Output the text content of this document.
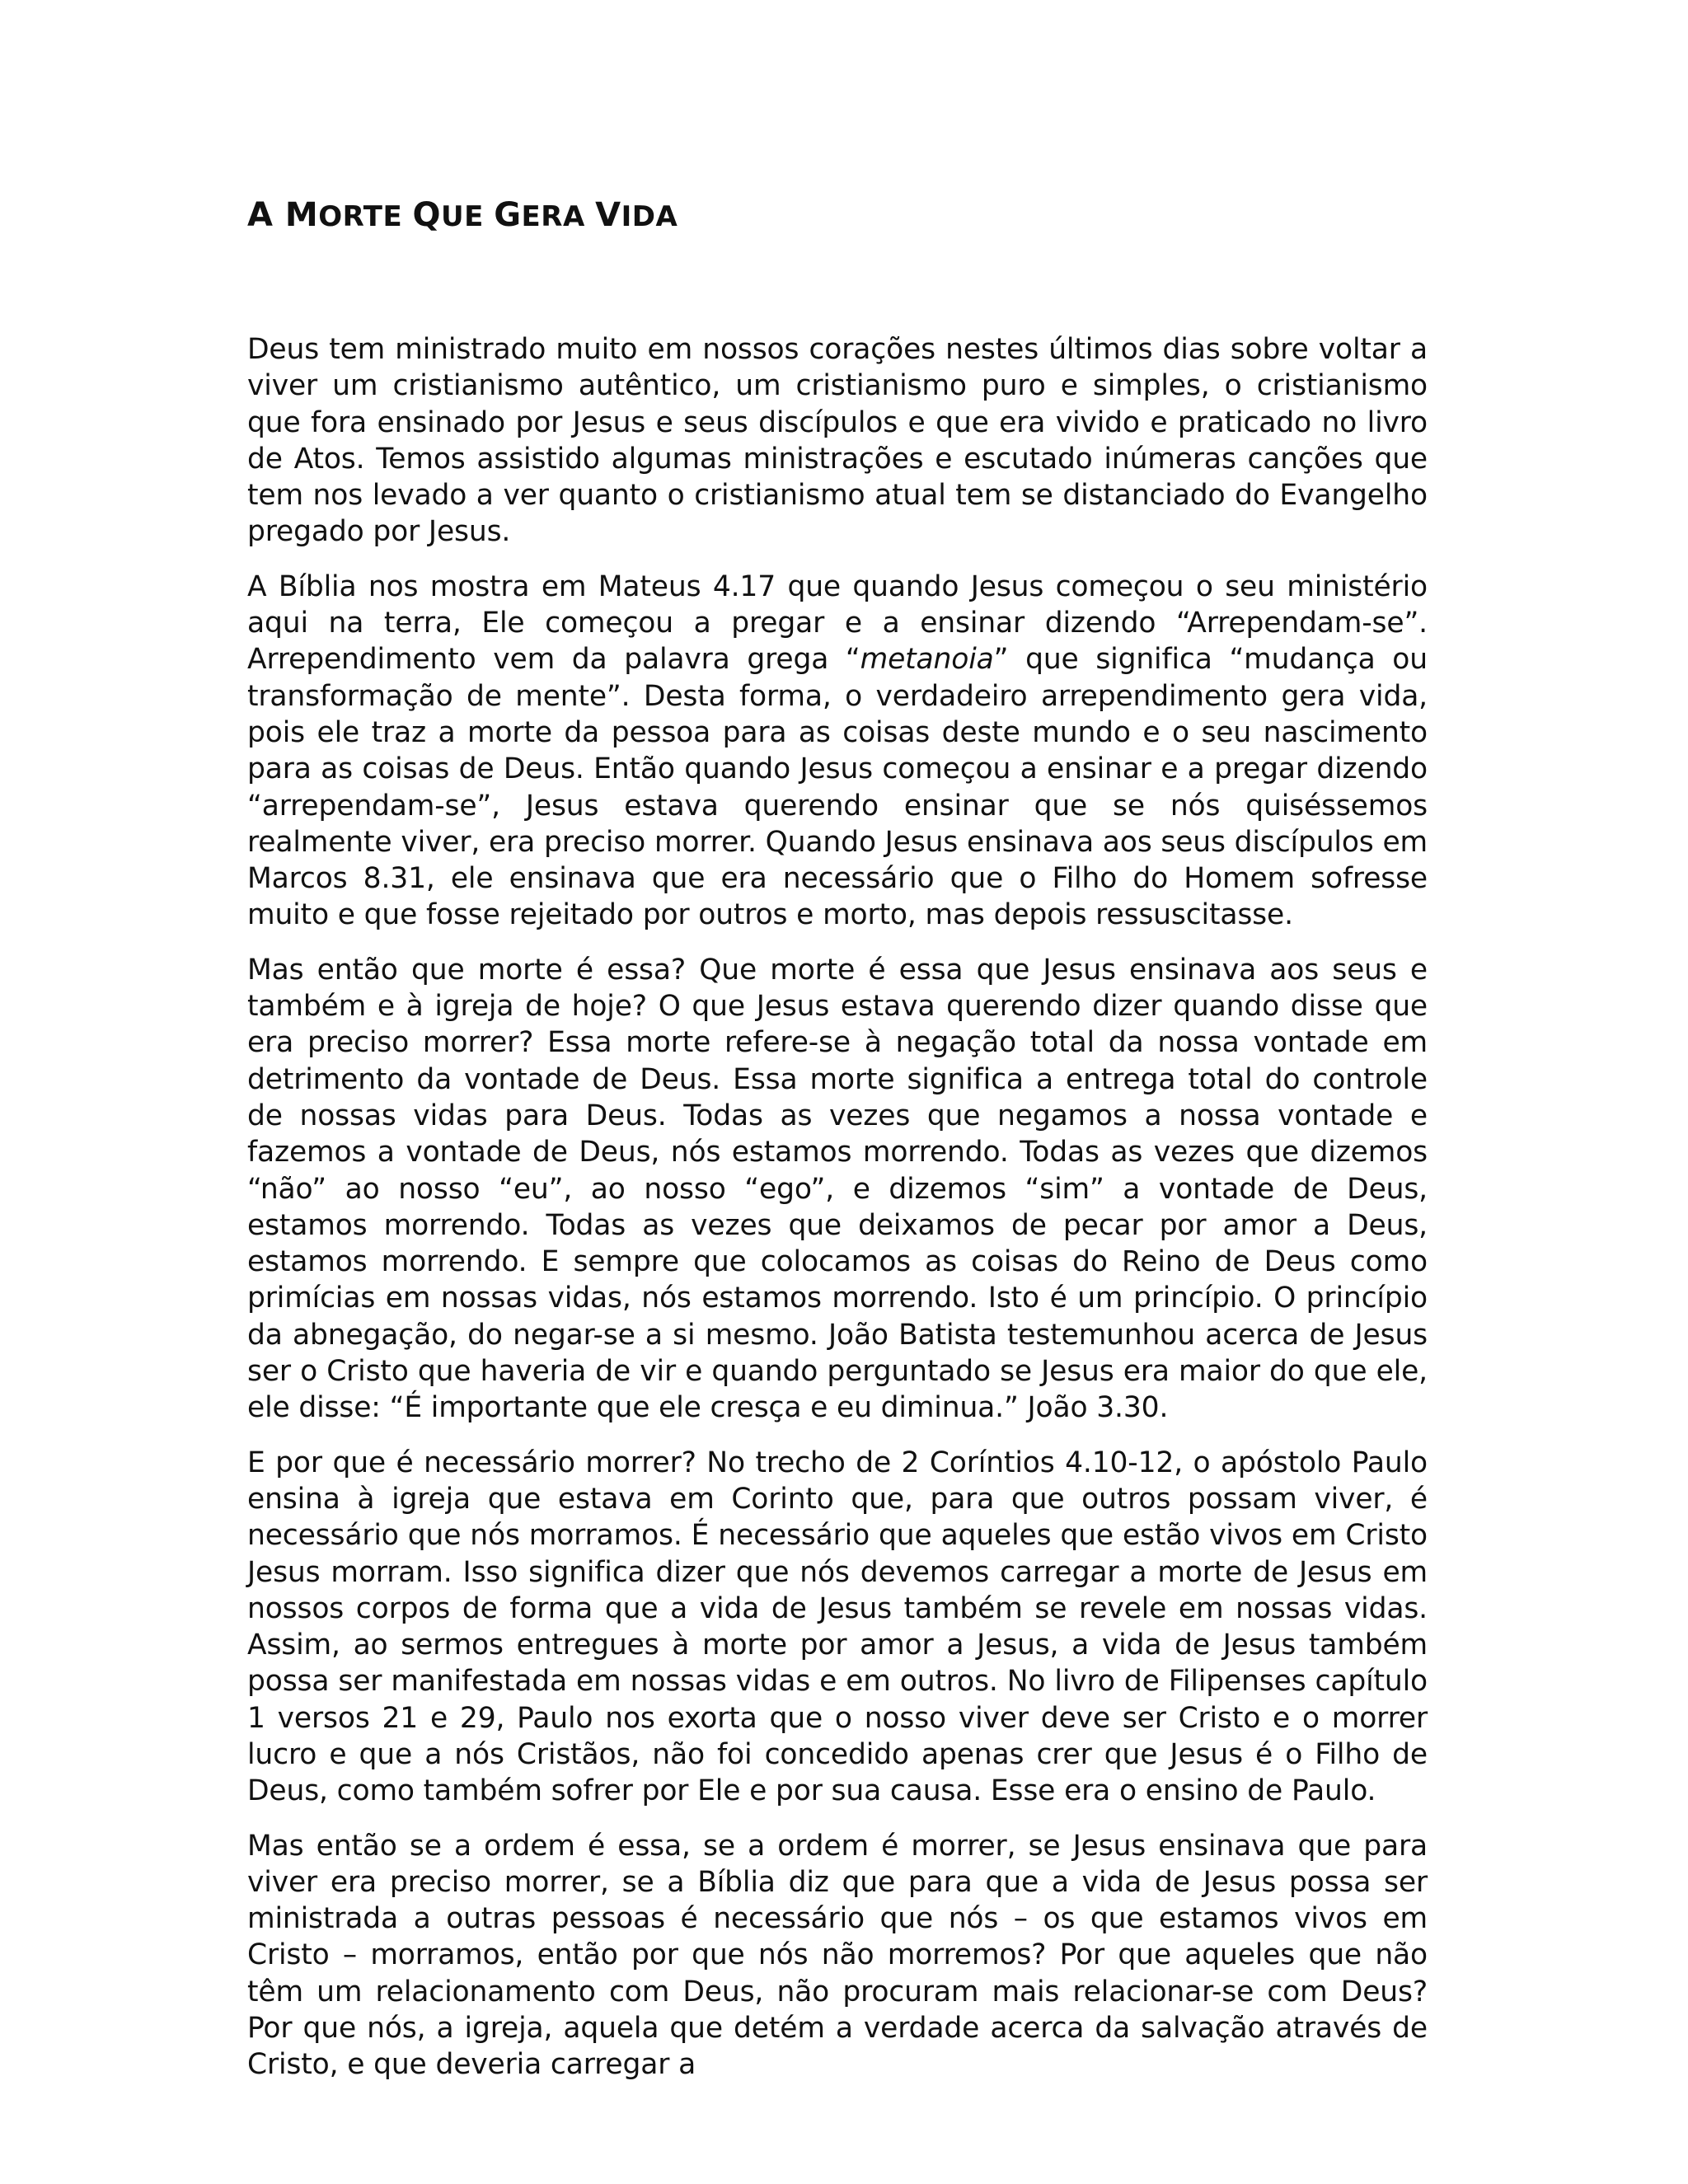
A MORTE QUE GERA VIDA

Deus tem ministrado muito em nossos corações nestes últimos dias sobre voltar a viver um cristianismo autêntico, um cristianismo puro e simples, o cristianismo que fora ensinado por Jesus e seus discípulos e que era vivido e praticado no livro de Atos. Temos assistido algumas ministrações e escutado inúmeras canções que tem nos levado a ver quanto o cristianismo atual tem se distanciado do Evangelho pregado por Jesus.

A Bíblia nos mostra em Mateus 4.17 que quando Jesus começou o seu ministério aqui na terra, Ele começou a pregar e a ensinar dizendo “Arrependam-se”. Arrependimento vem da palavra grega “metanoia” que significa “mudança ou transformação de mente”. Desta forma, o verdadeiro arrependimento gera vida, pois ele traz a morte da pessoa para as coisas deste mundo e o seu nascimento para as coisas de Deus. Então quando Jesus começou a ensinar e a pregar dizendo “arrependam-se”, Jesus estava querendo ensinar que se nós quiséssemos realmente viver, era preciso morrer. Quando Jesus ensinava aos seus discípulos em Marcos 8.31, ele ensinava que era necessário que o Filho do Homem sofresse muito e que fosse rejeitado por outros e morto, mas depois ressuscitasse.

Mas então que morte é essa? Que morte é essa que Jesus ensinava aos seus e também e à igreja de hoje? O que Jesus estava querendo dizer quando disse que era preciso morrer? Essa morte refere-se à negação total da nossa vontade em detrimento da vontade de Deus. Essa morte significa a entrega total do controle de nossas vidas para Deus. Todas as vezes que negamos a nossa vontade e fazemos a vontade de Deus, nós estamos morrendo. Todas as vezes que dizemos “não” ao nosso “eu”, ao nosso “ego”, e dizemos “sim” a vontade de Deus, estamos morrendo. Todas as vezes que deixamos de pecar por amor a Deus, estamos morrendo. E sempre que colocamos as coisas do Reino de Deus como primícias em nossas vidas, nós estamos morrendo. Isto é um princípio. O princípio da abnegação, do negar-se a si mesmo. João Batista testemunhou acerca de Jesus ser o Cristo que haveria de vir e quando perguntado se Jesus era maior do que ele, ele disse: “É importante que ele cresça e eu diminua.” João 3.30.

E por que é necessário morrer? No trecho de 2 Coríntios 4.10-12, o apóstolo Paulo ensina à igreja que estava em Corinto que, para que outros possam viver, é necessário que nós morramos. É necessário que aqueles que estão vivos em Cristo Jesus morram. Isso significa dizer que nós devemos carregar a morte de Jesus em nossos corpos de forma que a vida de Jesus também se revele em nossas vidas. Assim, ao sermos entregues à morte por amor a Jesus, a vida de Jesus também possa ser manifestada em nossas vidas e em outros. No livro de Filipenses capítulo 1 versos 21 e 29, Paulo nos exorta que o nosso viver deve ser Cristo e o morrer lucro e que a nós Cristãos, não foi concedido apenas crer que Jesus é o Filho de Deus, como também sofrer por Ele e por sua causa. Esse era o ensino de Paulo.

Mas então se a ordem é essa, se a ordem é morrer, se Jesus ensinava que para viver era preciso morrer, se a Bíblia diz que para que a vida de Jesus possa ser ministrada a outras pessoas é necessário que nós – os que estamos vivos em Cristo – morramos, então por que nós não morremos? Por que aqueles que não têm um relacionamento com Deus, não procuram mais relacionar-se com Deus? Por que nós, a igreja, aquela que detém a verdade acerca da salvação através de Cristo, e que deveria carregar a
